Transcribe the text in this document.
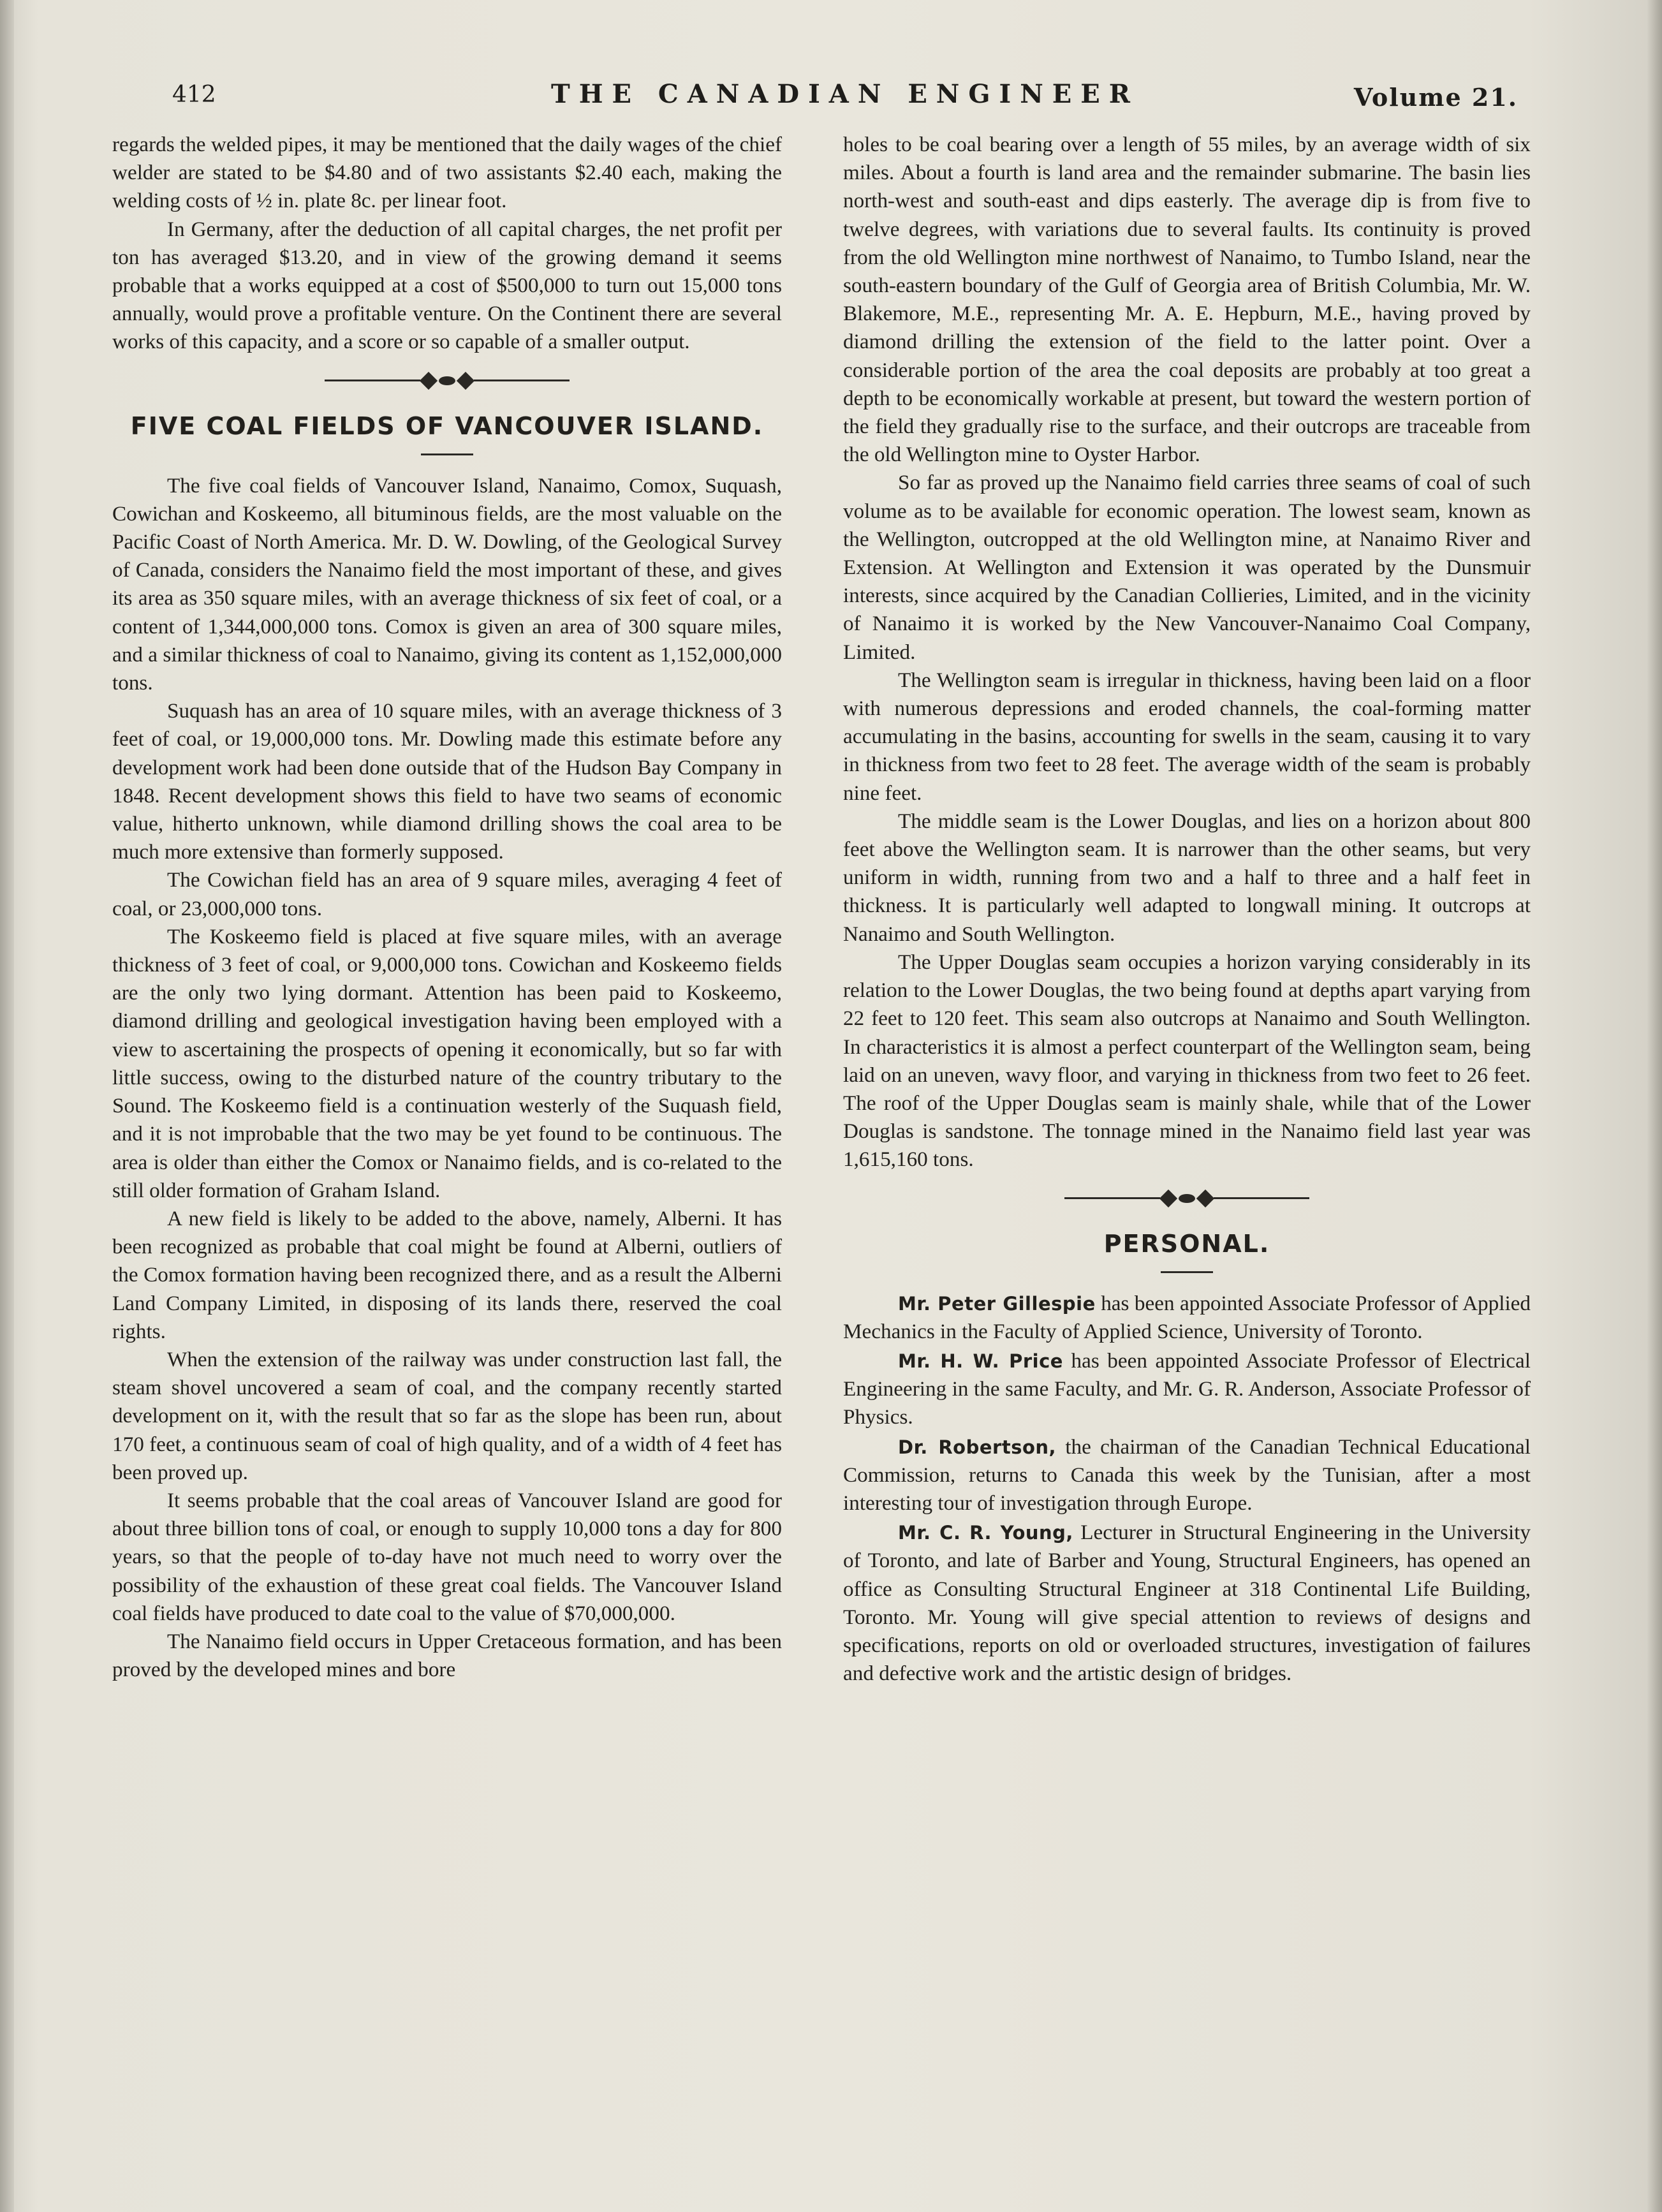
412	THE CANADIAN ENGINEER	Volume 21.

regards the welded pipes, it may be mentioned that the daily wages of the chief welder are stated to be $4.80 and of two assistants $2.40 each, making the welding costs of ½ in. plate 8c. per linear foot.

In Germany, after the deduction of all capital charges, the net profit per ton has averaged $13.20, and in view of the growing demand it seems probable that a works equipped at a cost of $500,000 to turn out 15,000 tons annually, would prove a profitable venture. On the Continent there are several works of this capacity, and a score or so capable of a smaller output.

FIVE COAL FIELDS OF VANCOUVER ISLAND.

The five coal fields of Vancouver Island, Nanaimo, Comox, Suquash, Cowichan and Koskeemo, all bituminous fields, are the most valuable on the Pacific Coast of North America. Mr. D. W. Dowling, of the Geological Survey of Canada, considers the Nanaimo field the most important of these, and gives its area as 350 square miles, with an average thickness of six feet of coal, or a content of 1,344,000,000 tons. Comox is given an area of 300 square miles, and a similar thickness of coal to Nanaimo, giving its content as 1,152,000,000 tons.

Suquash has an area of 10 square miles, with an average thickness of 3 feet of coal, or 19,000,000 tons. Mr. Dowling made this estimate before any development work had been done outside that of the Hudson Bay Company in 1848. Recent development shows this field to have two seams of economic value, hitherto unknown, while diamond drilling shows the coal area to be much more extensive than formerly supposed.

The Cowichan field has an area of 9 square miles, averaging 4 feet of coal, or 23,000,000 tons.

The Koskeemo field is placed at five square miles, with an average thickness of 3 feet of coal, or 9,000,000 tons. Cowichan and Koskeemo fields are the only two lying dormant. Attention has been paid to Koskeemo, diamond drilling and geological investigation having been employed with a view to ascertaining the prospects of opening it economically, but so far with little success, owing to the disturbed nature of the country tributary to the Sound. The Koskeemo field is a continuation westerly of the Suquash field, and it is not improbable that the two may be yet found to be continuous. The area is older than either the Comox or Nanaimo fields, and is co-related to the still older formation of Graham Island.

A new field is likely to be added to the above, namely, Alberni. It has been recognized as probable that coal might be found at Alberni, outliers of the Comox formation having been recognized there, and as a result the Alberni Land Company Limited, in disposing of its lands there, reserved the coal rights.

When the extension of the railway was under construction last fall, the steam shovel uncovered a seam of coal, and the company recently started development on it, with the result that so far as the slope has been run, about 170 feet, a continuous seam of coal of high quality, and of a width of 4 feet has been proved up.

It seems probable that the coal areas of Vancouver Island are good for about three billion tons of coal, or enough to supply 10,000 tons a day for 800 years, so that the people of to-day have not much need to worry over the possibility of the exhaustion of these great coal fields. The Vancouver Island coal fields have produced to date coal to the value of $70,000,000.

The Nanaimo field occurs in Upper Cretaceous formation, and has been proved by the developed mines and bore

holes to be coal bearing over a length of 55 miles, by an average width of six miles. About a fourth is land area and the remainder submarine. The basin lies north-west and south-east and dips easterly. The average dip is from five to twelve degrees, with variations due to several faults. Its continuity is proved from the old Wellington mine northwest of Nanaimo, to Tumbo Island, near the south-eastern boundary of the Gulf of Georgia area of British Columbia, Mr. W. Blakemore, M.E., representing Mr. A. E. Hepburn, M.E., having proved by diamond drilling the extension of the field to the latter point. Over a considerable portion of the area the coal deposits are probably at too great a depth to be economically workable at present, but toward the western portion of the field they gradually rise to the surface, and their outcrops are traceable from the old Wellington mine to Oyster Harbor.

So far as proved up the Nanaimo field carries three seams of coal of such volume as to be available for economic operation. The lowest seam, known as the Wellington, outcropped at the old Wellington mine, at Nanaimo River and Extension. At Wellington and Extension it was operated by the Dunsmuir interests, since acquired by the Canadian Collieries, Limited, and in the vicinity of Nanaimo it is worked by the New Vancouver-Nanaimo Coal Company, Limited.

The Wellington seam is irregular in thickness, having been laid on a floor with numerous depressions and eroded channels, the coal-forming matter accumulating in the basins, accounting for swells in the seam, causing it to vary in thickness from two feet to 28 feet. The average width of the seam is probably nine feet.

The middle seam is the Lower Douglas, and lies on a horizon about 800 feet above the Wellington seam. It is narrower than the other seams, but very uniform in width, running from two and a half to three and a half feet in thickness. It is particularly well adapted to longwall mining. It outcrops at Nanaimo and South Wellington.

The Upper Douglas seam occupies a horizon varying considerably in its relation to the Lower Douglas, the two being found at depths apart varying from 22 feet to 120 feet. This seam also outcrops at Nanaimo and South Wellington. In characteristics it is almost a perfect counterpart of the Wellington seam, being laid on an uneven, wavy floor, and varying in thickness from two feet to 26 feet. The roof of the Upper Douglas seam is mainly shale, while that of the Lower Douglas is sandstone. The tonnage mined in the Nanaimo field last year was 1,615,160 tons.

PERSONAL.

Mr. Peter Gillespie has been appointed Associate Professor of Applied Mechanics in the Faculty of Applied Science, University of Toronto.

Mr. H. W. Price has been appointed Associate Professor of Electrical Engineering in the same Faculty, and Mr. G. R. Anderson, Associate Professor of Physics.

Dr. Robertson, the chairman of the Canadian Technical Educational Commission, returns to Canada this week by the Tunisian, after a most interesting tour of investigation through Europe.

Mr. C. R. Young, Lecturer in Structural Engineering in the University of Toronto, and late of Barber and Young, Structural Engineers, has opened an office as Consulting Structural Engineer at 318 Continental Life Building, Toronto. Mr. Young will give special attention to reviews of designs and specifications, reports on old or overloaded structures, investigation of failures and defective work and the artistic design of bridges.
